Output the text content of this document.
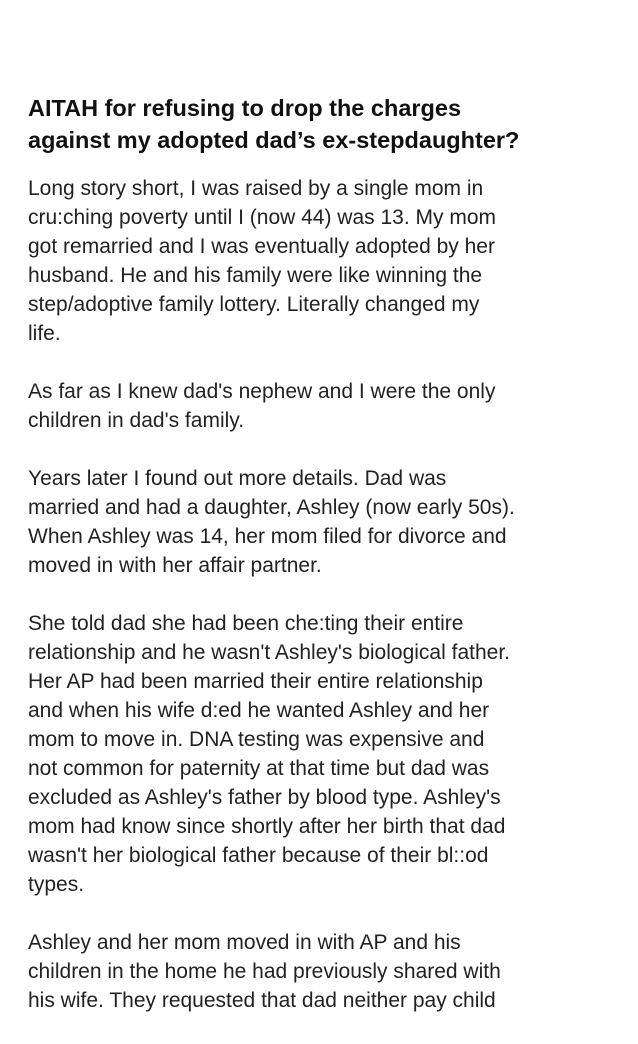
AITAH for refusing to drop the charges
against my adopted dad’s ex-stepdaughter?
Long story short, I was raised by a single mom in
cru:ching poverty until I (now 44) was 13. My mom
got remarried and I was eventually adopted by her
husband. He and his family were like winning the
step/adoptive family lottery. Literally changed my
life.
As far as I knew dad's nephew and I were the only
children in dad's family.
Years later I found out more details. Dad was
married and had a daughter, Ashley (now early 50s).
When Ashley was 14, her mom filed for divorce and
moved in with her affair partner.
She told dad she had been che:ting their entire
relationship and he wasn't Ashley's biological father.
Her AP had been married their entire relationship
and when his wife d:ed he wanted Ashley and her
mom to move in. DNA testing was expensive and
not common for paternity at that time but dad was
excluded as Ashley's father by blood type. Ashley's
mom had know since shortly after her birth that dad
wasn't her biological father because of their bl::od
types.
Ashley and her mom moved in with AP and his
children in the home he had previously shared with
his wife. They requested that dad neither pay child
